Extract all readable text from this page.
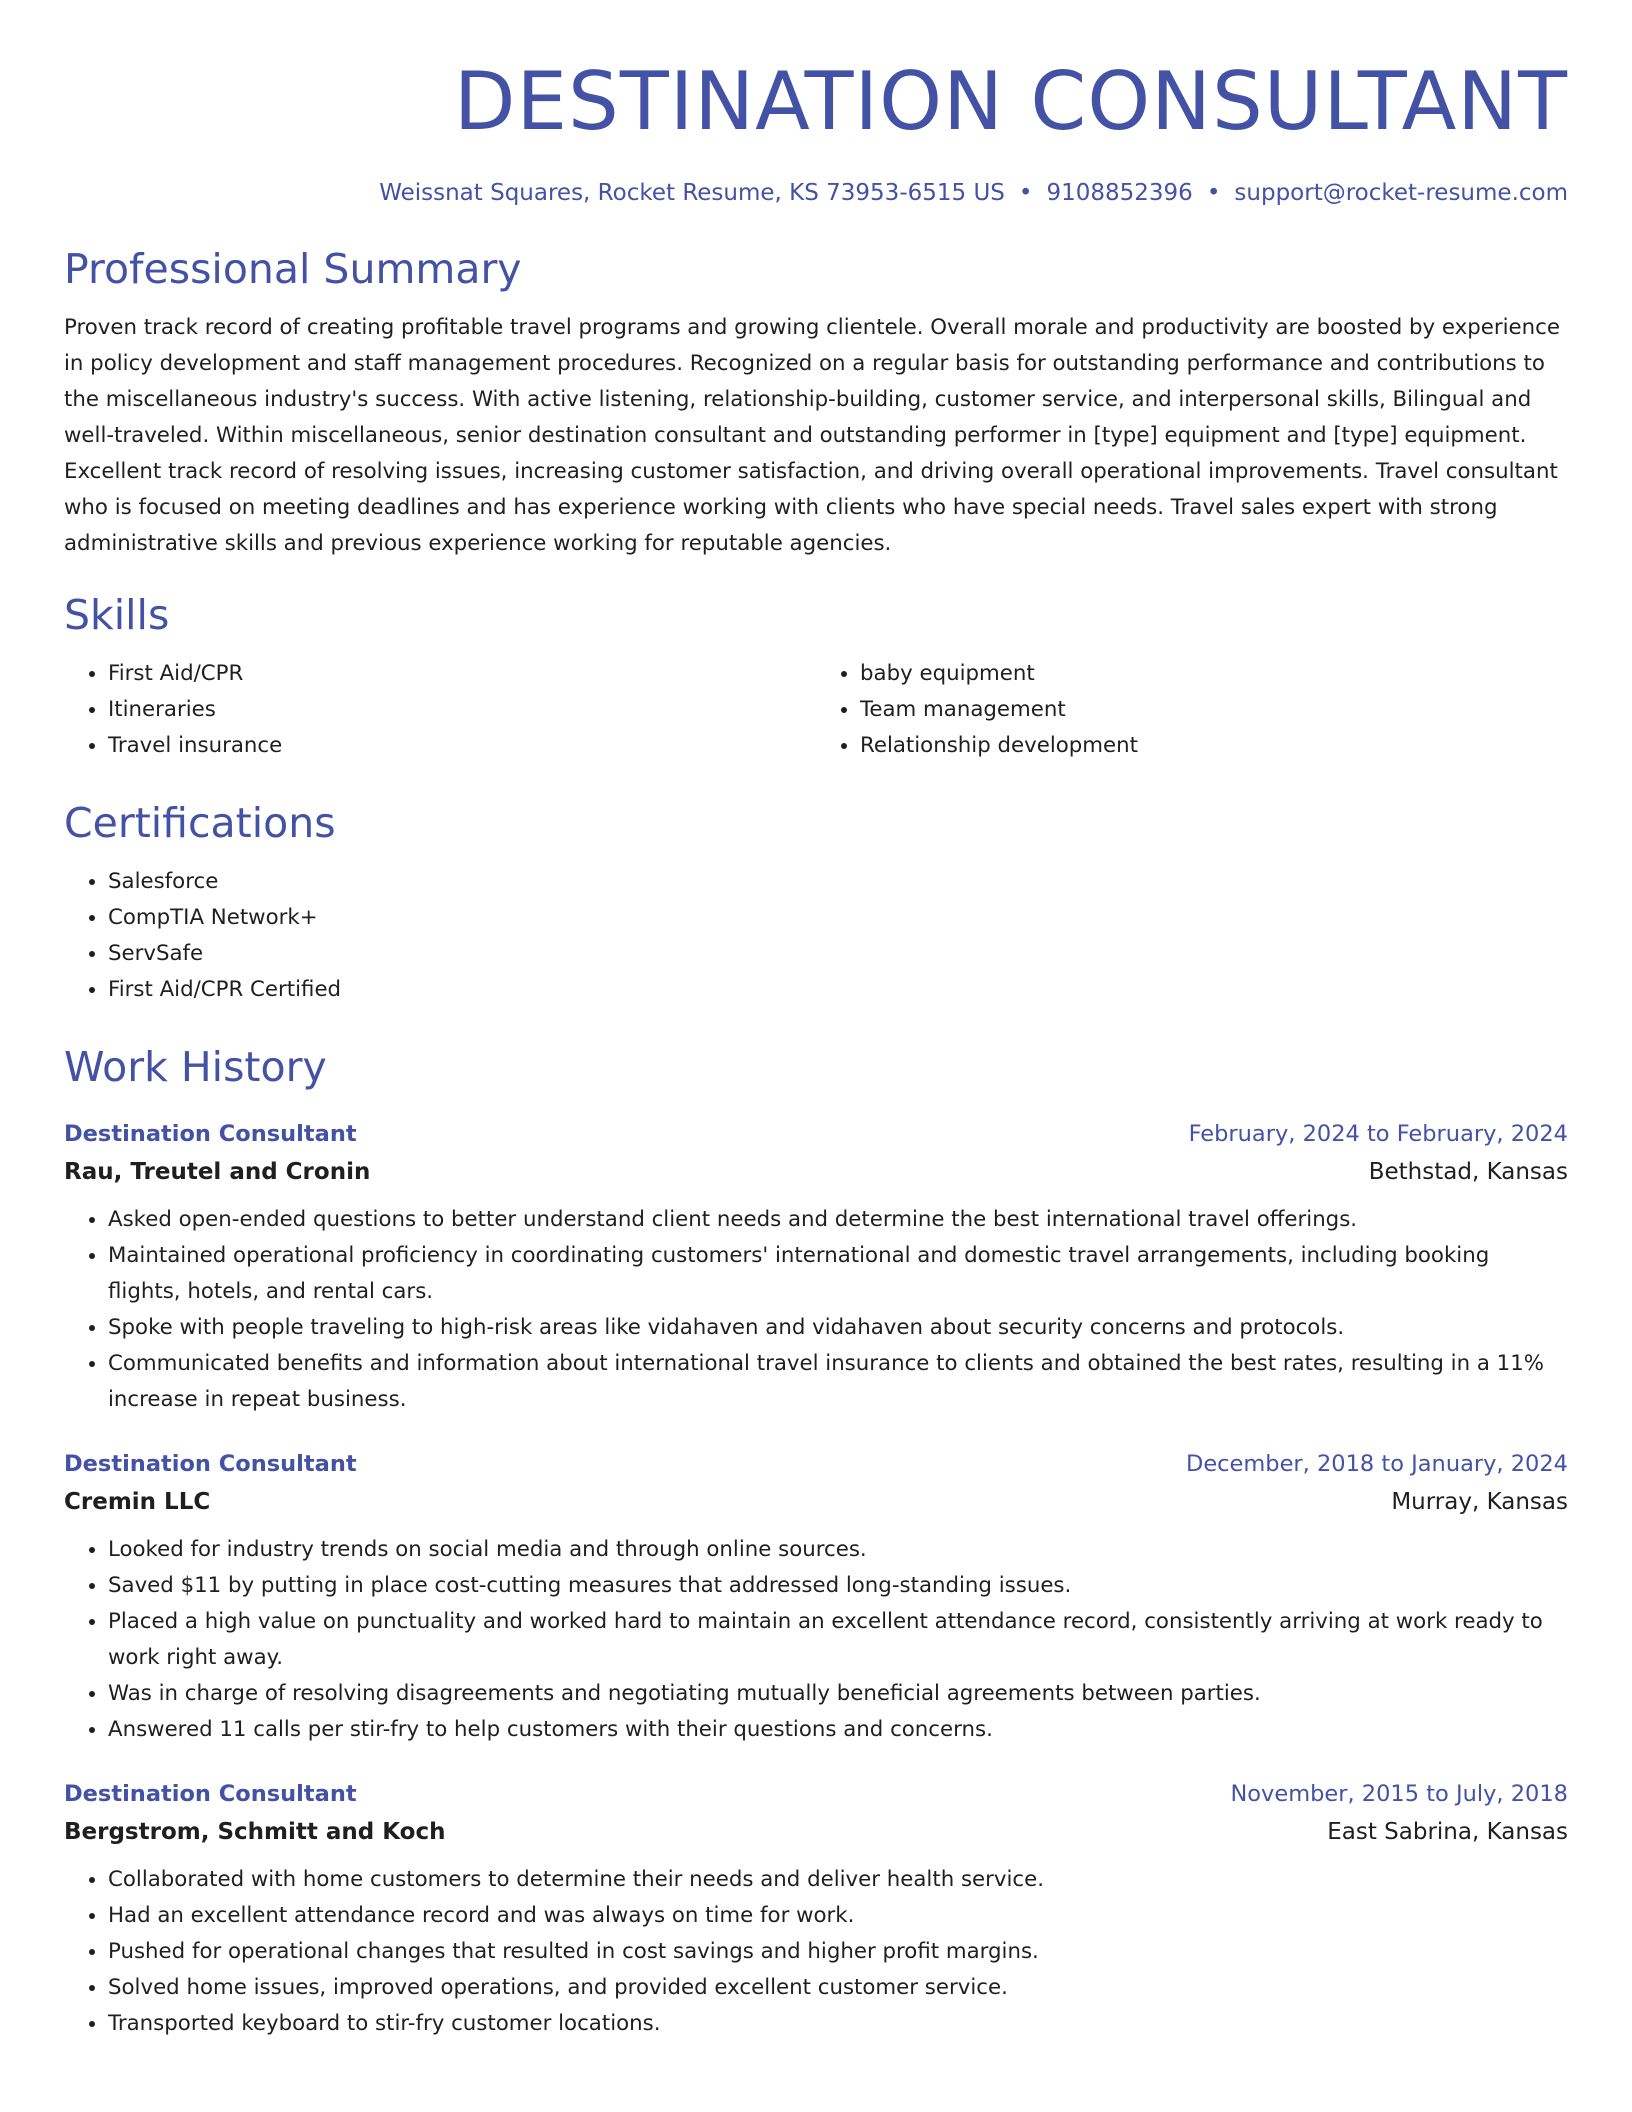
DESTINATION CONSULTANT
Weissnat Squares, Rocket Resume, KS 73953-6515 US • 9108852396 • support@rocket-resume.com
Professional Summary

Proven track record of creating profitable travel programs and growing clientele. Overall morale and productivity are boosted by experience in policy development and staff management procedures. Recognized on a regular basis for outstanding performance and contributions to the miscellaneous industry's success. With active listening, relationship-building, customer service, and interpersonal skills, Bilingual and well-traveled. Within miscellaneous, senior destination consultant and outstanding performer in [type] equipment and [type] equipment. Excellent track record of resolving issues, increasing customer satisfaction, and driving overall operational improvements. Travel consultant who is focused on meeting deadlines and has experience working with clients who have special needs. Travel sales expert with strong administrative skills and previous experience working for reputable agencies.

Skills
• First Aid/CPR
• Itineraries
• Travel insurance
• baby equipment
• Team management
• Relationship development
Certifications
• Salesforce
• CompTIA Network+
• ServSafe
• First Aid/CPR Certified
Work History
Destination Consultant	February, 2024 to February, 2024
Rau, Treutel and Cronin	Bethstad, Kansas
• Asked open-ended questions to better understand client needs and determine the best international travel offerings.
• Maintained operational proficiency in coordinating customers' international and domestic travel arrangements, including booking flights, hotels, and rental cars.
• Spoke with people traveling to high-risk areas like vidahaven and vidahaven about security concerns and protocols.
• Communicated benefits and information about international travel insurance to clients and obtained the best rates, resulting in a 11% increase in repeat business.
Destination Consultant	December, 2018 to January, 2024
Cremin LLC	Murray, Kansas
• Looked for industry trends on social media and through online sources.
• Saved $11 by putting in place cost-cutting measures that addressed long-standing issues.
• Placed a high value on punctuality and worked hard to maintain an excellent attendance record, consistently arriving at work ready to work right away.
• Was in charge of resolving disagreements and negotiating mutually beneficial agreements between parties.
• Answered 11 calls per stir-fry to help customers with their questions and concerns.
Destination Consultant	November, 2015 to July, 2018
Bergstrom, Schmitt and Koch	East Sabrina, Kansas
• Collaborated with home customers to determine their needs and deliver health service.
• Had an excellent attendance record and was always on time for work.
• Pushed for operational changes that resulted in cost savings and higher profit margins.
• Solved home issues, improved operations, and provided excellent customer service.
• Transported keyboard to stir-fry customer locations.
